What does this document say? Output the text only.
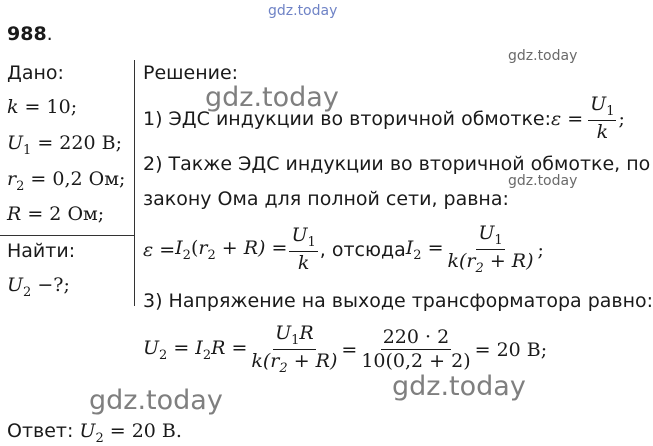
gdz.today
gdz.today
gdz.today
gdz.today
gdz.today
gdz.today
988.
Дано:
k = 10;
$U_1 = 220$ В;
$r_2 = 0,2$ Ом;
R = 2 Ом;
Найти:
$U_2$ −?;
Решение:
1) ЭДС индукции во вторичной обмотке: $\varepsilon = \frac{U_1}{k}$ ;
2) Также ЭДС индукции во вторичной обмотке, по
закону Ома для полной сети, равна:
$\varepsilon = I_2(r_2 + R) = \frac{U_1}{k}$ , отсюда $I_2 = \frac{U_1}{k(r_2 + R)}$ ;
3) Напряжение на выходе трансформатора равно:
$U_2 = I_2R = \frac{U_1R}{k(r_2 + R)} = \frac{220 \cdot 2}{10(0,2 + 2)} = 20$ В;
Ответ: $U_2 = 20$ В.
